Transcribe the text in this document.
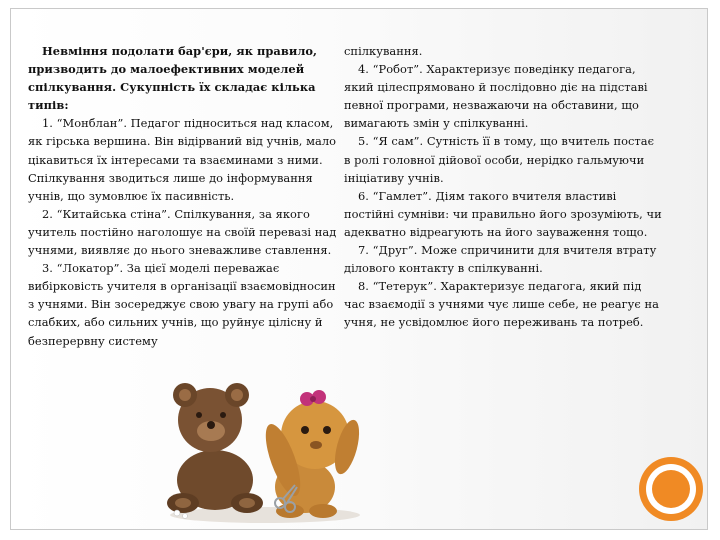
Невміння подолати бар'єри, як правило, призводить до малоефективних моделей спілкування. Сукупність їх складає кілька типів:

1. “Монблан”. Педагог підноситься над класом, як гірська вершина. Він відірваний від учнів, мало цікавиться їх інтересами та взаєминами з ними. Спілкування зводиться лише до інформування учнів, що зумовлює їх пасивність.

2. “Китайська стіна”. Спілкування, за якого учитель постійно наголошує на своїй перевазі над учнями, виявляє до нього зневажливе ставлення.

3. “Локатор”. За цієї моделі переважає вибірковість учителя в організації взаємовідносин з учнями. Він зосереджує свою увагу на групі або слабких, або сильних учнів, що руйнує цілісну й безперервну систему

спілкування.

4. “Робот”. Характеризує поведінку педагога, який цілеспрямовано й послідовно діє на підставі певної програми, незважаючи на обставини, що вимагають змін у спілкуванні.

5. “Я сам”. Сутність її в тому, що вчитель постає в ролі головної дійової особи, нерідко гальмуючи ініціативу учнів.

6. “Гамлет”. Діям такого вчителя властиві постійні сумніви: чи правильно його зрозуміють, чи адекватно відреагують на його зауваження тощо.

7. “Друг”. Може спричинити для вчителя втрату ділового контакту в спілкуванні.

8. “Тетерук”. Характеризує педагога, який під час взаємодії з учнями чує лише себе, не реагує на учня, не усвідомлює його переживань та потреб.
